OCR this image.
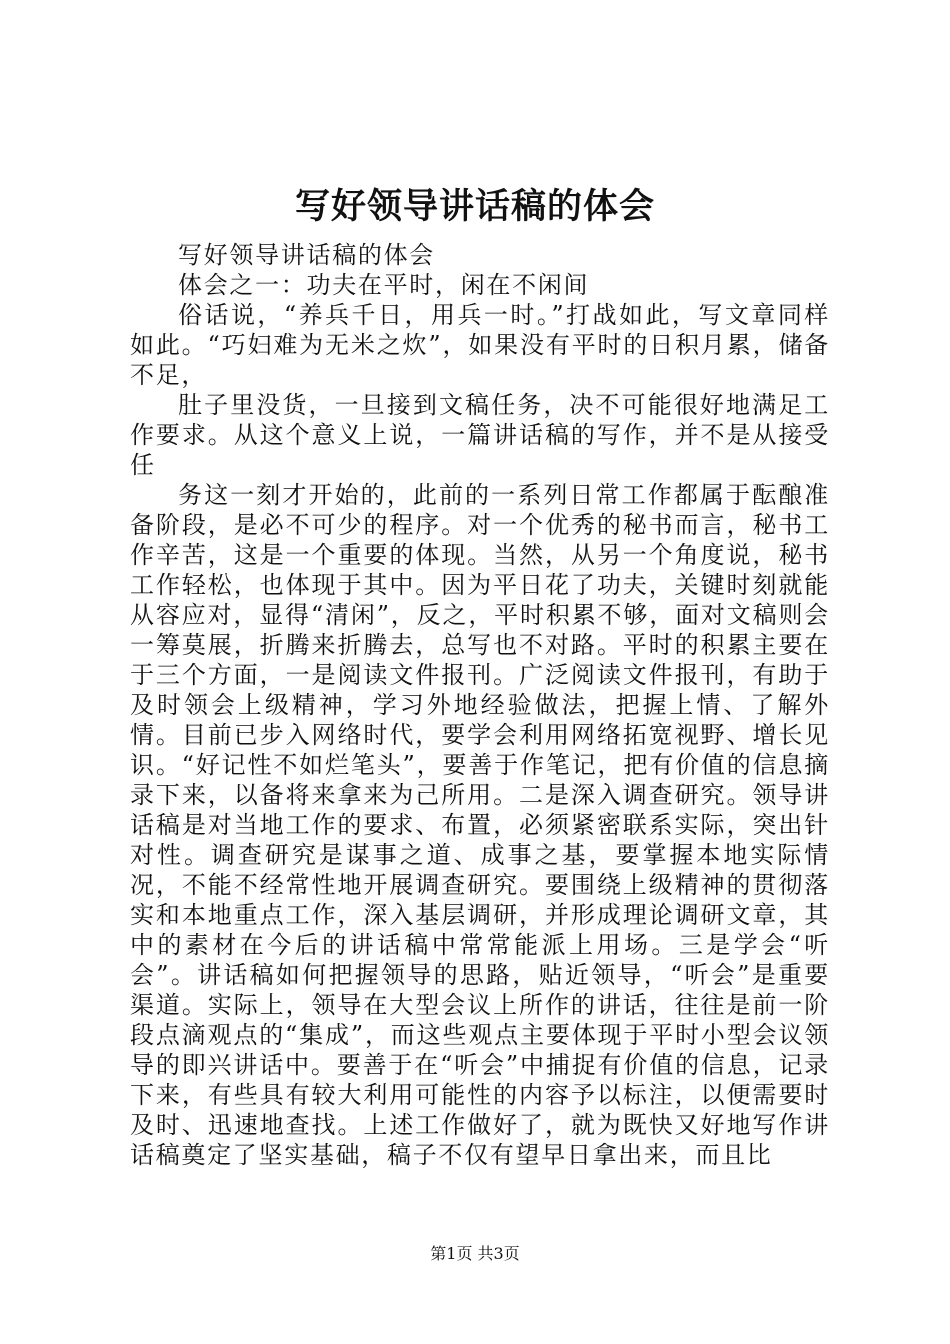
写好领导讲话稿的体会

写好领导讲话稿的体会

体会之一：功夫在平时，闲在不闲间

俗话说，“养兵千日，用兵一时。”打战如此，写文章同样如此。“巧妇难为无米之炊”，如果没有平时的日积月累，储备不足，

肚子里没货，一旦接到文稿任务，决不可能很好地满足工作要求。从这个意义上说，一篇讲话稿的写作，并不是从接受任

务这一刻才开始的，此前的一系列日常工作都属于酝酿准备阶段，是必不可少的程序。对一个优秀的秘书而言，秘书工作辛苦，这是一个重要的体现。当然，从另一个角度说，秘书工作轻松，也体现于其中。因为平日花了功夫，关键时刻就能从容应对，显得“清闲”，反之，平时积累不够，面对文稿则会一筹莫展，折腾来折腾去，总写也不对路。平时的积累主要在于三个方面，一是阅读文件报刊。广泛阅读文件报刊，有助于及时领会上级精神，学习外地经验做法，把握上情、了解外情。目前已步入网络时代，要学会利用网络拓宽视野、增长见识。“好记性不如烂笔头”，要善于作笔记，把有价值的信息摘录下来，以备将来拿来为己所用。二是深入调查研究。领导讲话稿是对当地工作的要求、布置，必须紧密联系实际，突出针对性。调查研究是谋事之道、成事之基，要掌握本地实际情况，不能不经常性地开展调查研究。要围绕上级精神的贯彻落实和本地重点工作，深入基层调研，并形成理论调研文章，其中的素材在今后的讲话稿中常常能派上用场。三是学会“听会”。讲话稿如何把握领导的思路，贴近领导，“听会”是重要渠道。实际上，领导在大型会议上所作的讲话，往往是前一阶段点滴观点的“集成”，而这些观点主要体现于平时小型会议领导的即兴讲话中。要善于在“听会”中捕捉有价值的信息，记录下来，有些具有较大利用可能性的内容予以标注，以便需要时及时、迅速地查找。上述工作做好了，就为既快又好地写作讲话稿奠定了坚实基础，稿子不仅有望早日拿出来，而且比

第1页 共3页
